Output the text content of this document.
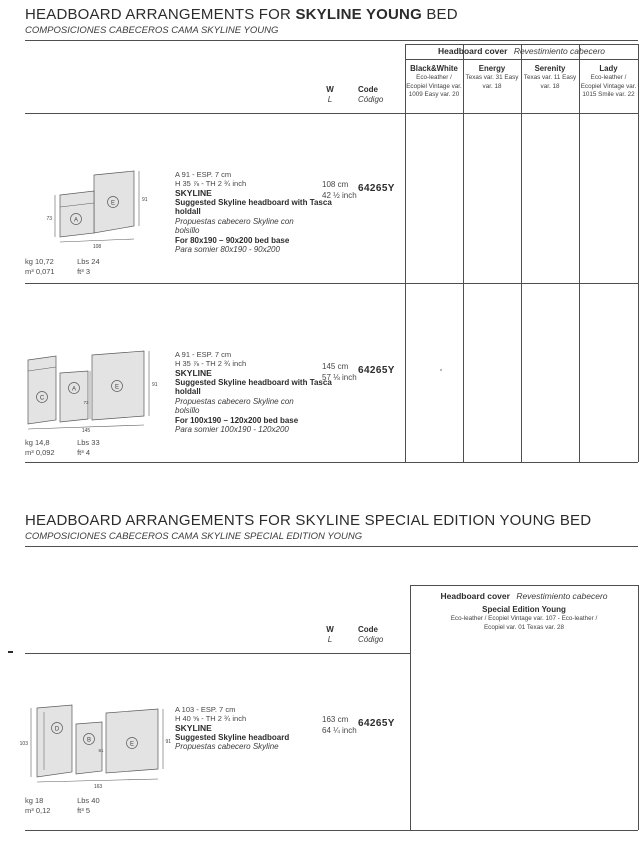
HEADBOARD ARRANGEMENTS FOR SKYLINE YOUNG BED
COMPOSICIONES CABECEROS CAMA SKYLINE YOUNG
Headboard cover Revestimiento cabecero
Black&White
Eco-leather / Ecopiel Vintage var. 1009 Easy var. 20
Energy
Texas var. 31 Easy var. 18
Serenity
Texas var. 11 Easy var. 18
Lady
Eco-leather / Ecopiel Vintage var. 1015 Smile var. 22
W
L
Code
Código
A
E
73
91
108
A 91 - ESP. 7 cm
H 35 ⅞ - TH 2 ¾ inch
SKYLINE
Suggested Skyline headboard with Tasca holdall
Propuestas cabecero Skyline con bolsillo
For 80x190 – 90x200 bed base
Para somier 80x190 - 90x200
108 cm
42 ½ inch
64265Y
kg 10,72	Lbs 24
m³ 0,071	ft³ 3
C
A	E
73
91
145
A 91 - ESP. 7 cm
H 35 ⅞ - TH 2 ¾ inch
SKYLINE
Suggested Skyline headboard with Tasca holdall
Propuestas cabecero Skyline con bolsillo
For 100x190 – 120x200 bed base
Para somier 100x190 - 120x200
145 cm
57 ⅛ inch
64265Y
kg 14,8	Lbs 33
m³ 0,092	ft³ 4
HEADBOARD ARRANGEMENTS FOR SKYLINE SPECIAL EDITION YOUNG BED
COMPOSICIONES CABECEROS CAMA SKYLINE SPECIAL EDITION YOUNG
Headboard cover Revestimiento cabecero
Special Edition Young
Eco-leather / Ecopiel Vintage var. 107 - Eco-leather / Ecopiel var. 01 Texas var. 28
W
L
Code
Código
D
B
E
103
81
91
163
A 103 - ESP. 7 cm
H 40 ⅝ - TH 2 ¾ inch
SKYLINE
Suggested Skyline headboard
Propuestas cabecero Skyline
163 cm
64 ¼ inch
64265Y
kg 18	Lbs 40
m³ 0,12	ft³ 5
